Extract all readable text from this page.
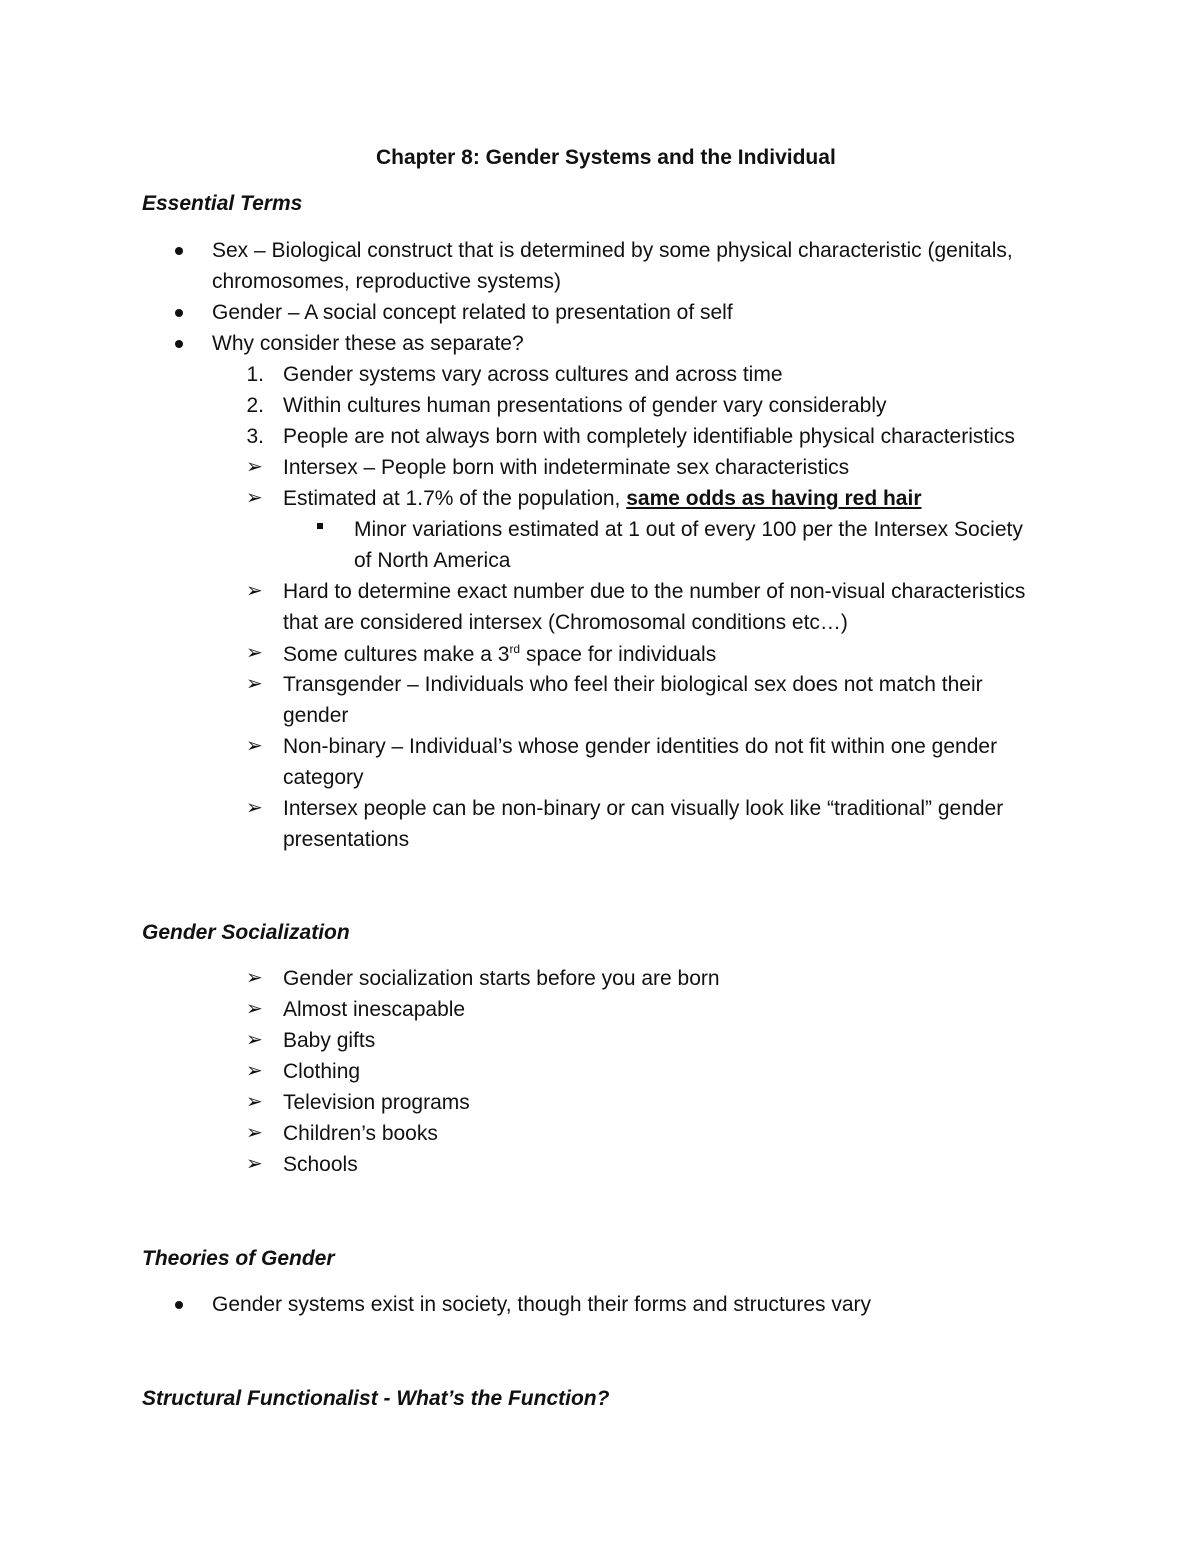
Chapter 8: Gender Systems and the Individual
Essential Terms
Sex – Biological construct that is determined by some physical characteristic (genitals,
chromosomes, reproductive systems)
Gender – A social concept related to presentation of self
Why consider these as separate?
1. Gender systems vary across cultures and across time
2. Within cultures human presentations of gender vary considerably
3. People are not always born with completely identifiable physical characteristics
➢ Intersex – People born with indeterminate sex characteristics
➢ Estimated at 1.7% of the population, same odds as having red hair
Minor variations estimated at 1 out of every 100 per the Intersex Society
of North America
➢ Hard to determine exact number due to the number of non-visual characteristics
that are considered intersex (Chromosomal conditions etc…)
➢ Some cultures make a 3rd space for individuals
➢ Transgender – Individuals who feel their biological sex does not match their
gender
➢ Non-binary – Individual’s whose gender identities do not fit within one gender
category
➢ Intersex people can be non-binary or can visually look like “traditional” gender
presentations
Gender Socialization
➢ Gender socialization starts before you are born
➢ Almost inescapable
➢ Baby gifts
➢ Clothing
➢ Television programs
➢ Children’s books
➢ Schools
Theories of Gender
Gender systems exist in society, though their forms and structures vary
Structural Functionalist - What’s the Function?
